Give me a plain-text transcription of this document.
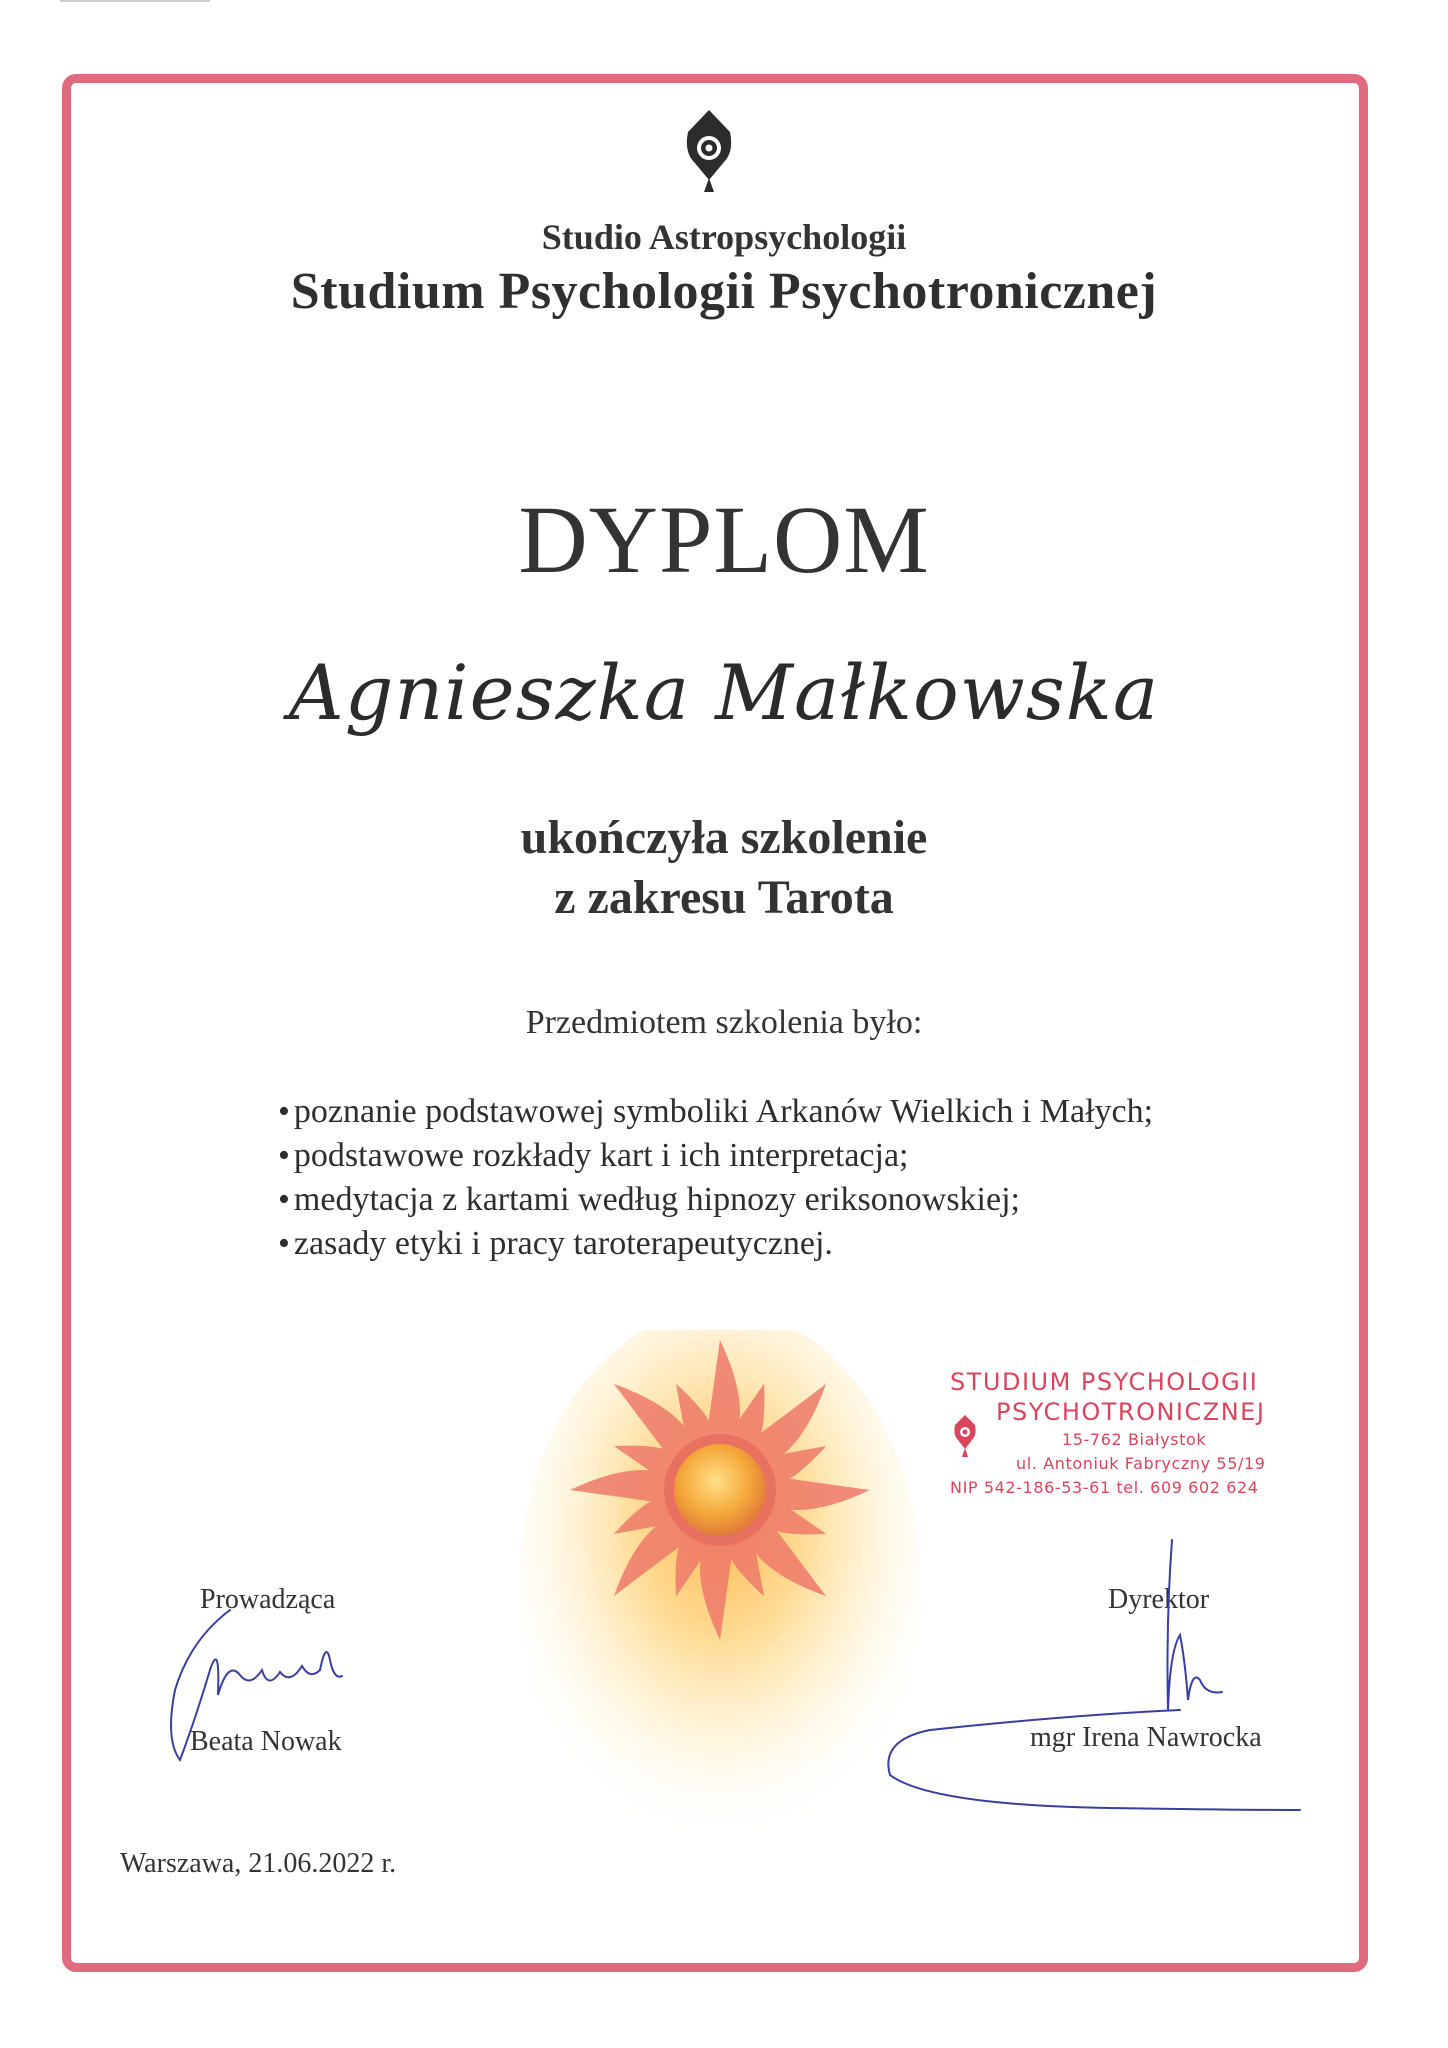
Studio Astropsychologii
Studium Psychologii Psychotronicznej
DYPLOM
Agnieszka Małkowska
ukończyła szkolenie
z zakresu Tarota
Przedmiotem szkolenia było:
• poznanie podstawowej symboliki Arkanów Wielkich i Małych;
• podstawowe rozkłady kart i ich interpretacja;
• medytacja z kartami według hipnozy eriksonowskiej;
• zasady etyki i pracy taroterapeutycznej.
STUDIUM PSYCHOLOGII
PSYCHOTRONICZNEJ
15-762 Białystok
ul. Antoniuk Fabryczny 55/19
NIP 542-186-53-61 tel. 609 602 624
Prowadząca
Beata Nowak
Dyrektor
mgr Irena Nawrocka
Warszawa, 21.06.2022 r.
